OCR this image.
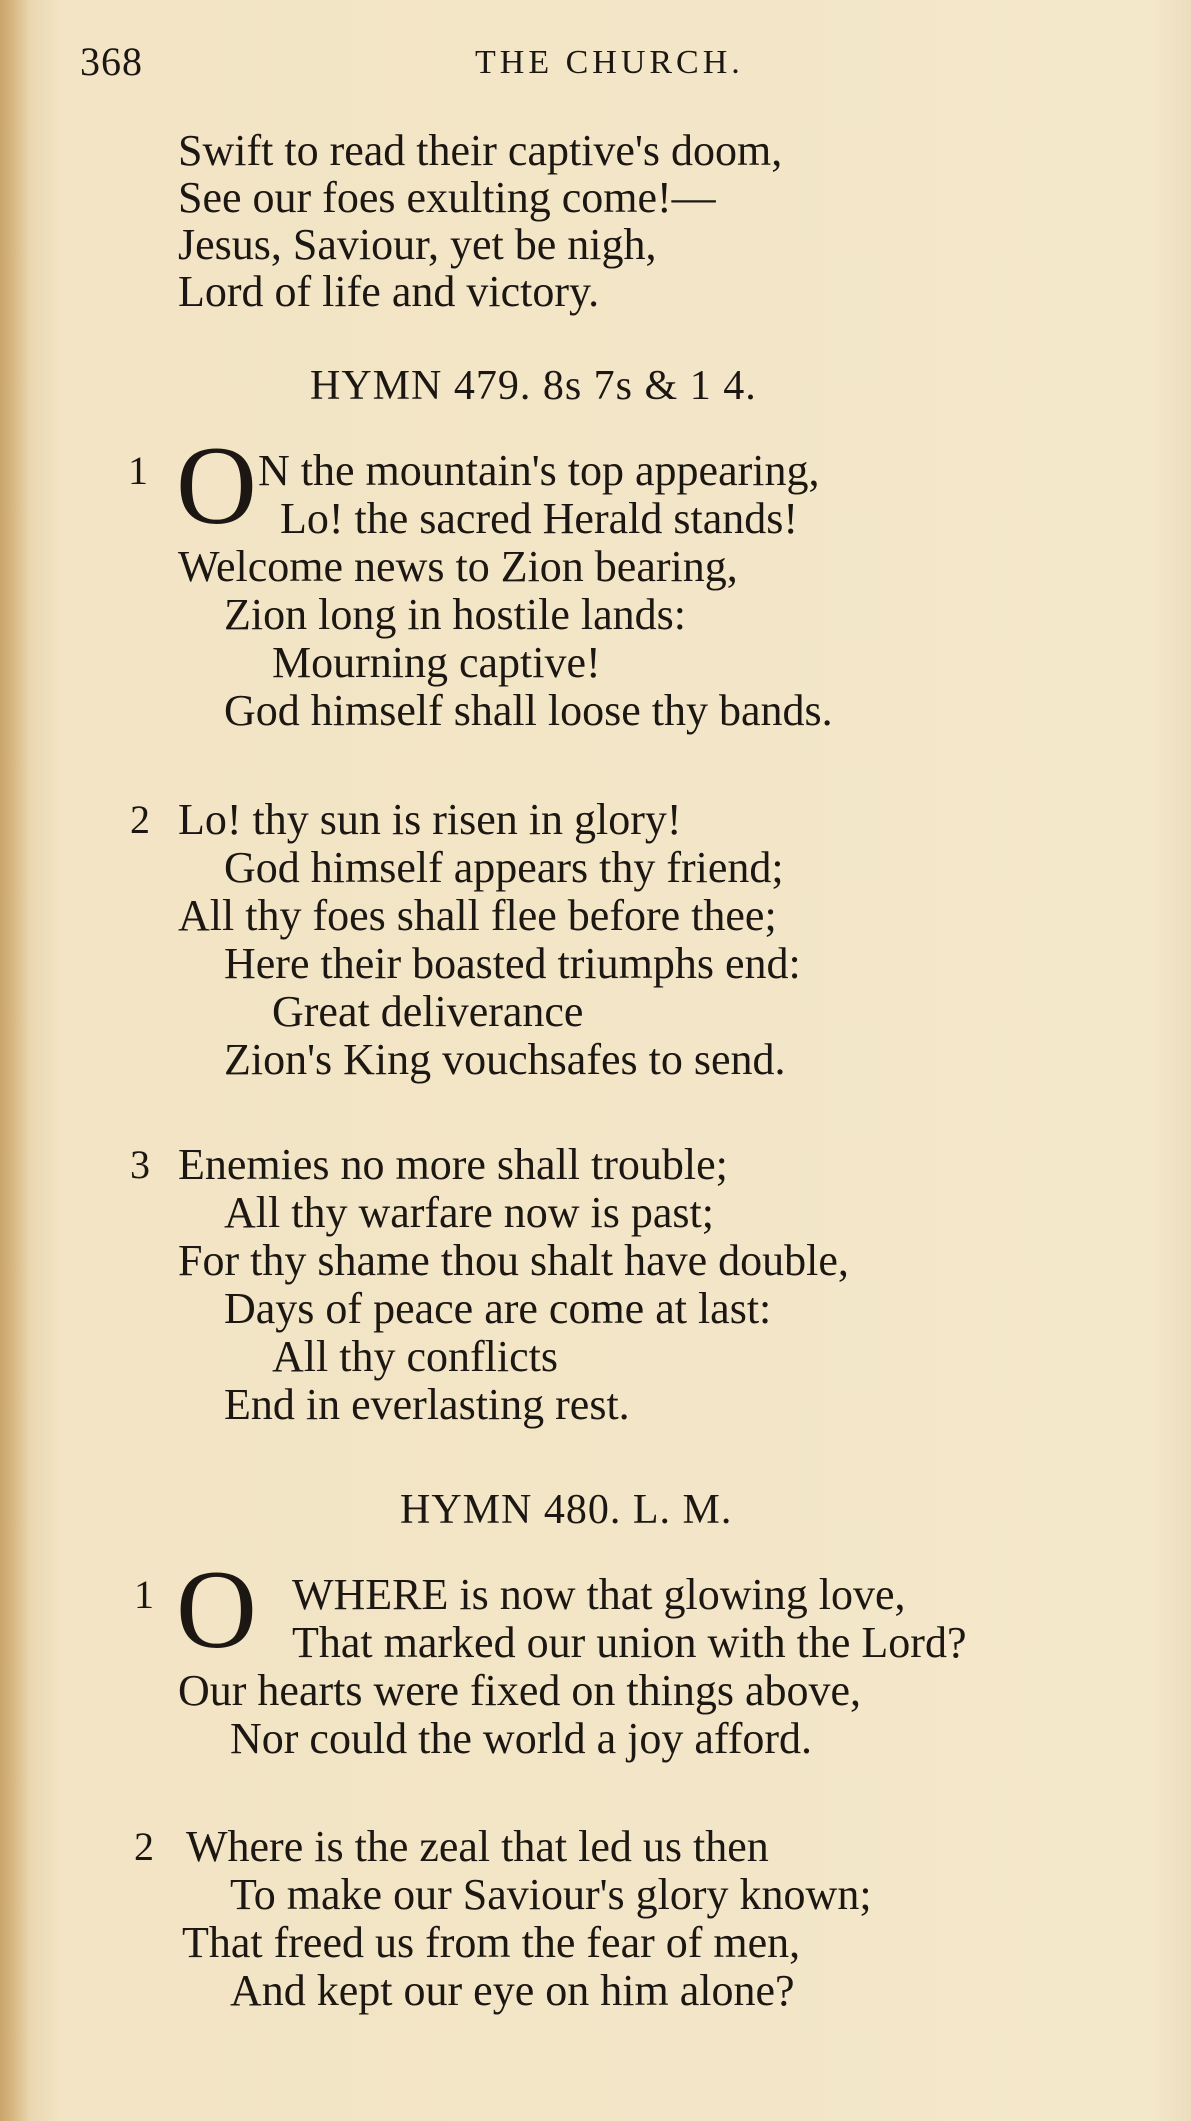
368	THE CHURCH.
Swift to read their captive's doom,
See our foes exulting come!—
Jesus, Saviour, yet be nigh,
Lord of life and victory.
HYMN 479. 8s 7s & 1 4.
1 O N the mountain's top appearing,
Lo! the sacred Herald stands!
Welcome news to Zion bearing,
Zion long in hostile lands:
Mourning captive!
God himself shall loose thy bands.
2 Lo! thy sun is risen in glory!
God himself appears thy friend;
All thy foes shall flee before thee;
Here their boasted triumphs end:
Great deliverance
Zion's King vouchsafes to send.
3 Enemies no more shall trouble;
All thy warfare now is past;
For thy shame thou shalt have double,
Days of peace are come at last:
All thy conflicts
End in everlasting rest.
HYMN 480. L. M.
1 O WHERE is now that glowing love,
That marked our union with the Lord?
Our hearts were fixed on things above,
Nor could the world a joy afford.
2 Where is the zeal that led us then
To make our Saviour's glory known;
That freed us from the fear of men,
And kept our eye on him alone?
